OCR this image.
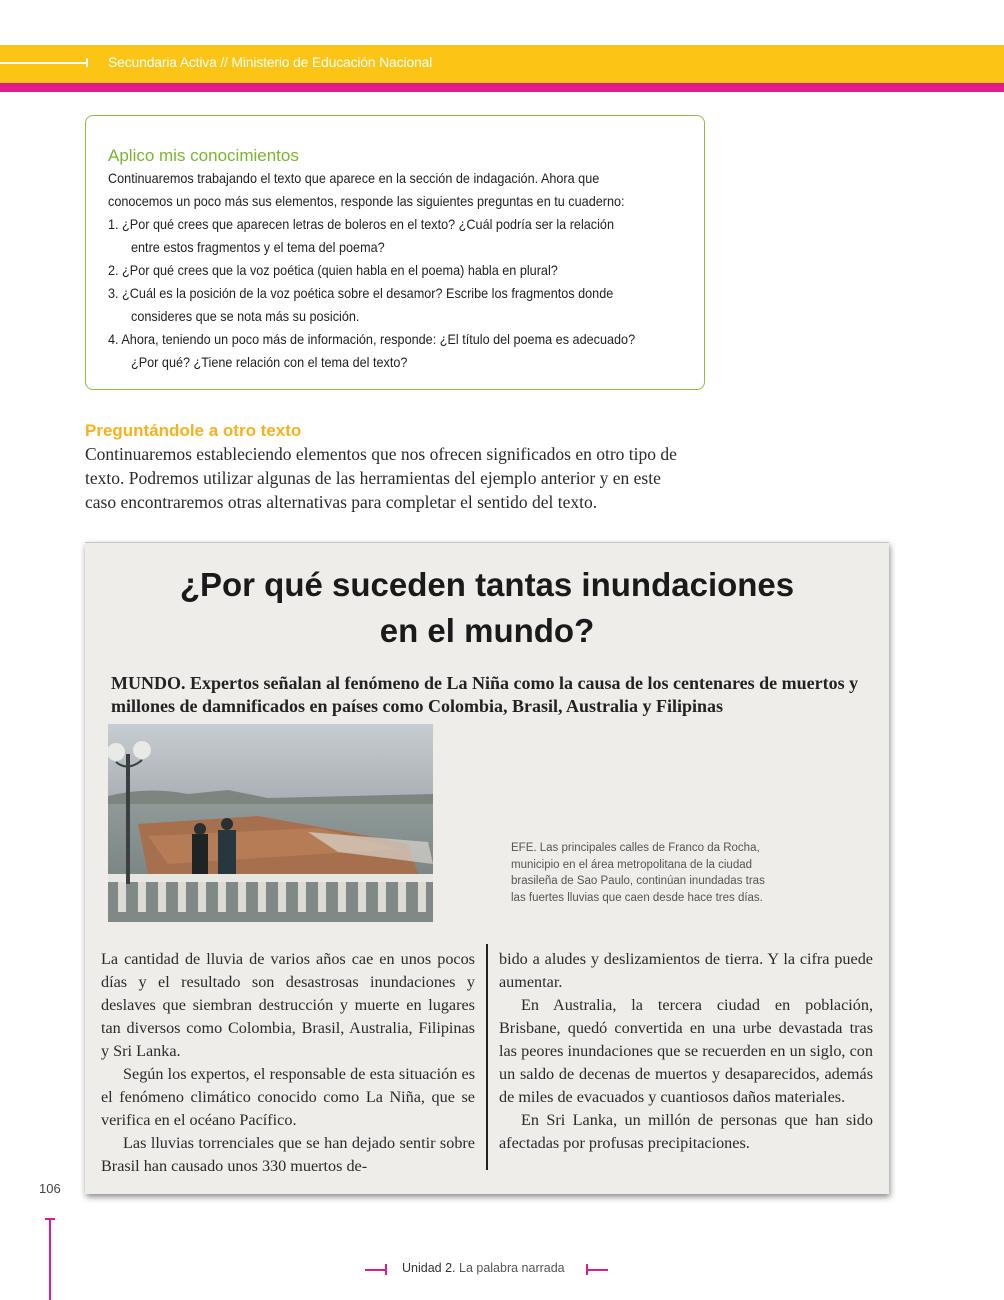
Secundaria Activa // Ministerio de Educación Nacional
Aplico mis conocimientos
Continuaremos trabajando el texto que aparece en la sección de indagación. Ahora que
conocemos un poco más sus elementos, responde las siguientes preguntas en tu cuaderno:
1. ¿Por qué crees que aparecen letras de boleros en el texto? ¿Cuál podría ser la relación
entre estos fragmentos y el tema del poema?
2. ¿Por qué crees que la voz poética (quien habla en el poema) habla en plural?
3. ¿Cuál es la posición de la voz poética sobre el desamor? Escribe los fragmentos donde
consideres que se nota más su posición.
4. Ahora, teniendo un poco más de información, responde: ¿El título del poema es adecuado?
¿Por qué? ¿Tiene relación con el tema del texto?
Preguntándole a otro texto
Continuaremos estableciendo elementos que nos ofrecen significados en otro tipo de texto. Podremos utilizar algunas de las herramientas del ejemplo anterior y en este caso encontraremos otras alternativas para completar el sentido del texto.
¿Por qué suceden tantas inundaciones
en el mundo?
MUNDO. Expertos señalan al fenómeno de La Niña como la causa de los centenares de muertos y millones de damnificados en países como Colombia, Brasil, Australia y Filipinas
EFE. Las principales calles de Franco da Rocha, municipio en el área metropolitana de la ciudad brasileña de Sao Paulo, continúan inundadas tras las fuertes lluvias que caen desde hace tres días.

La cantidad de lluvia de varios años cae en unos pocos días y el resultado son desastrosas inundaciones y deslaves que siembran destrucción y muerte en lugares tan diversos como Colombia, Brasil, Australia, Filipinas y Sri Lanka.

Según los expertos, el responsable de esta situación es el fenómeno climático conocido como La Niña, que se verifica en el océano Pacífico.

Las lluvias torrenciales que se han dejado sentir sobre Brasil han causado unos 330 muertos de-

bido a aludes y deslizamientos de tierra. Y la cifra puede aumentar.

En Australia, la tercera ciudad en población, Brisbane, quedó convertida en una urbe devastada tras las peores inundaciones que se recuerden en un siglo, con un saldo de decenas de muertos y desaparecidos, además de miles de evacuados y cuantiosos daños materiales.

En Sri Lanka, un millón de personas que han sido afectadas por profusas precipitaciones.

106
Unidad 2. La palabra narrada
